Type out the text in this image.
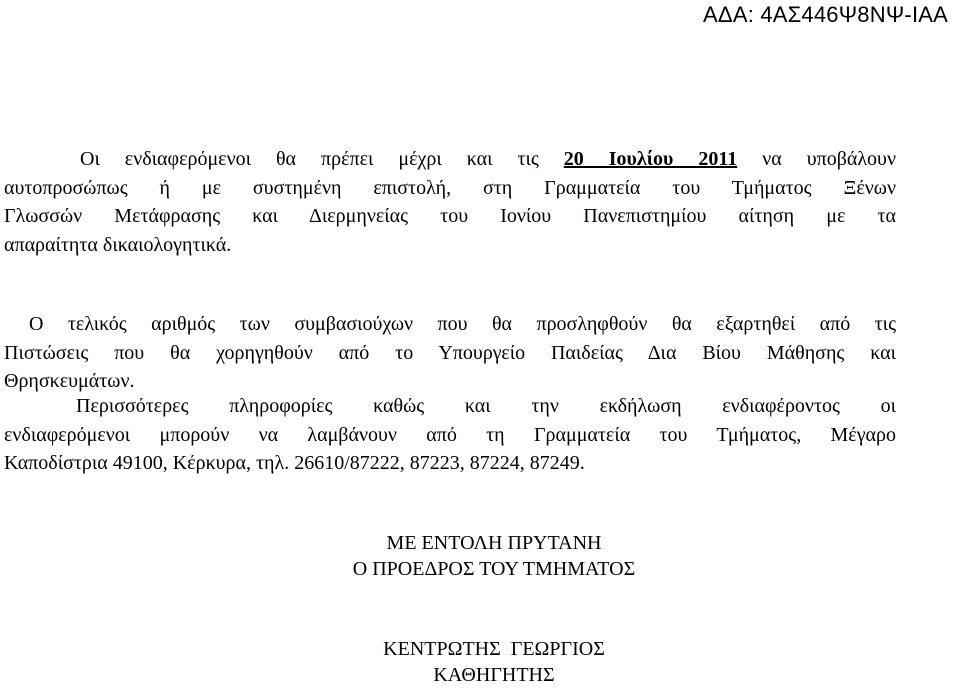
ΑΔΑ: 4ΑΣ446Ψ8ΝΨ-ΙΑΑ
Οι ενδιαφερόμενοι θα πρέπει μέχρι και τις 20 Ιουλίου 2011 να υποβάλουν
αυτοπροσώπως ή με συστημένη επιστολή, στη Γραμματεία του Τμήματος Ξένων
Γλωσσών Μετάφρασης και Διερμηνείας του Ιονίου Πανεπιστημίου αίτηση με τα
απαραίτητα δικαιολογητικά.
Ο τελικός αριθμός των συμβασιούχων που θα προσληφθούν θα εξαρτηθεί από τις
Πιστώσεις που θα χορηγηθούν από το Υπουργείο Παιδείας Δια Βίου Μάθησης και
Θρησκευμάτων.
Περισσότερες πληροφορίες καθώς και την εκδήλωση ενδιαφέροντος οι
ενδιαφερόμενοι μπορούν να λαμβάνουν από τη Γραμματεία του Τμήματος, Μέγαρο
Καποδίστρια 49100, Κέρκυρα, τηλ. 26610/87222, 87223, 87224, 87249.
ΜΕ ΕΝΤΟΛΗ ΠΡΥΤΑΝΗ
Ο ΠΡΟΕΔΡΟΣ ΤΟΥ ΤΜΗΜΑΤΟΣ
ΚΕΝΤΡΩΤΗΣ  ΓΕΩΡΓΙΟΣ
ΚΑΘΗΓΗΤΗΣ
